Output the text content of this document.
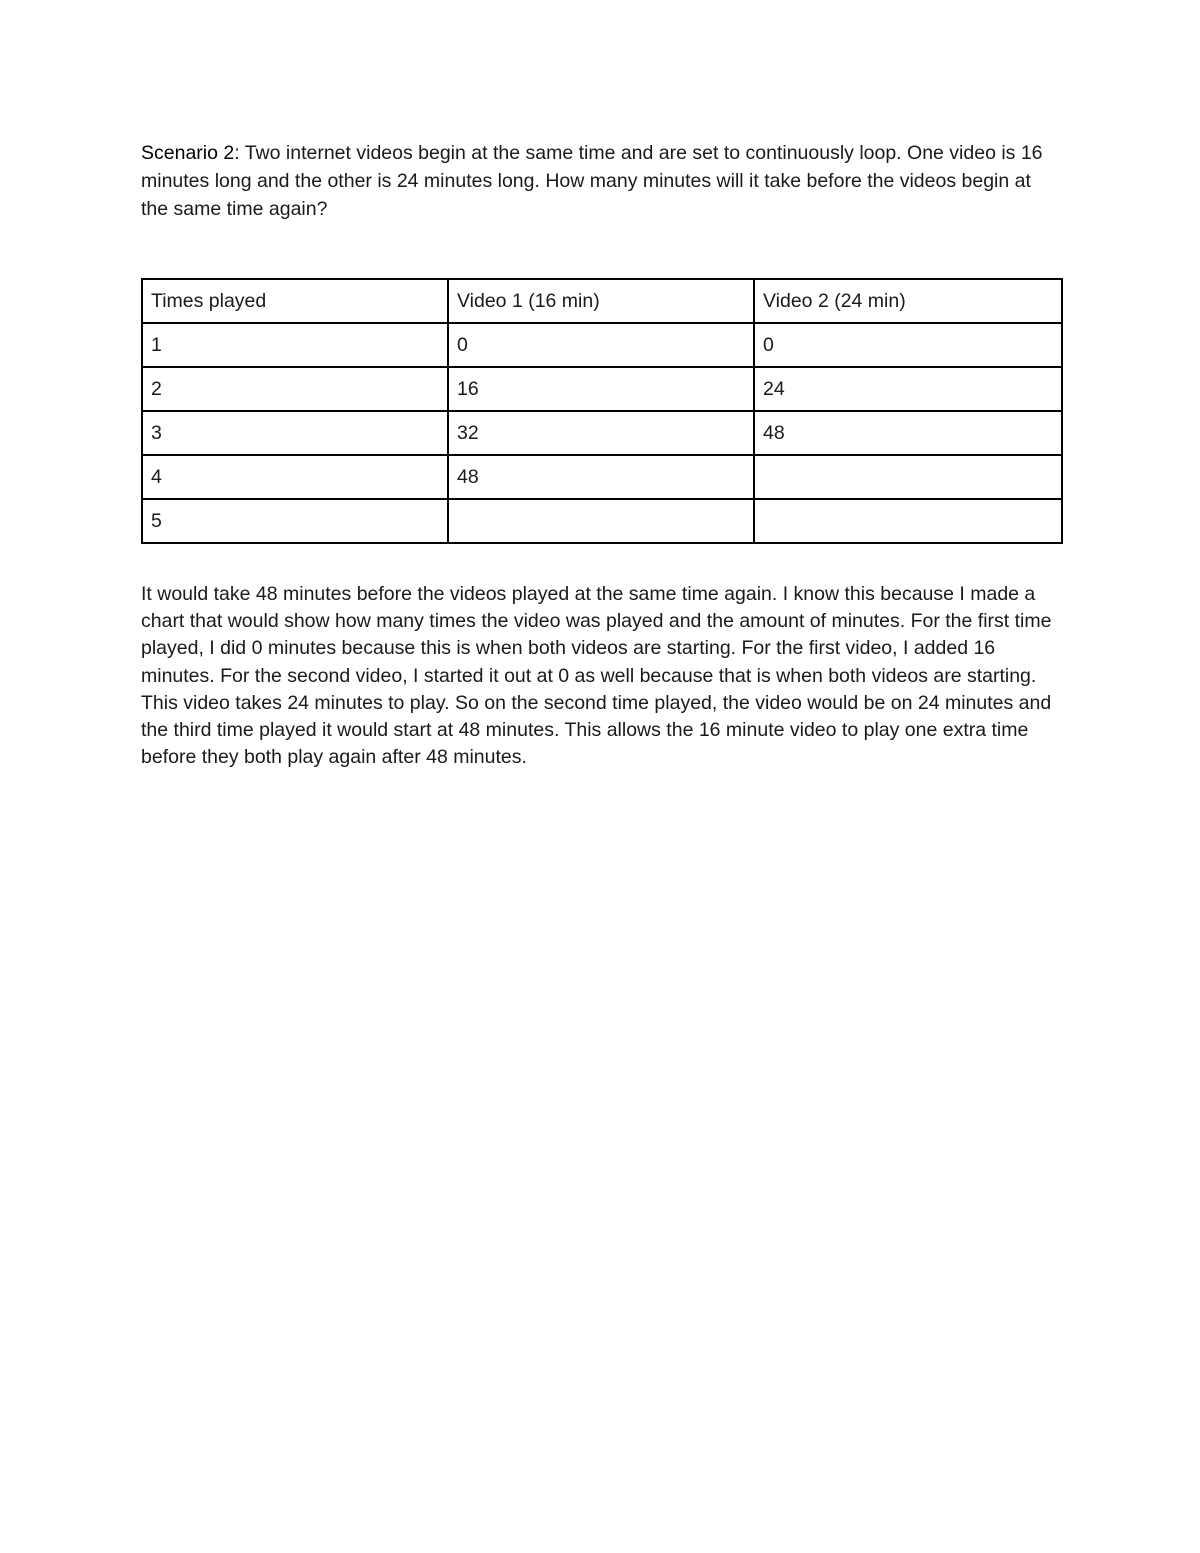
Scenario 2: Two internet videos begin at the same time and are set to continuously loop. One video is 16 minutes long and the other is 24 minutes long. How many minutes will it take before the videos begin at the same time again?

Times played	Video 1 (16 min)	Video 2 (24 min)
1	0	0
2	16	24
3	32	48
4	48	
5		

It would take 48 minutes before the videos played at the same time again. I know this because I made a chart that would show how many times the video was played and the amount of minutes. For the first time played, I did 0 minutes because this is when both videos are starting. For the first video, I added 16 minutes. For the second video, I started it out at 0 as well because that is when both videos are starting. This video takes 24 minutes to play. So on the second time played, the video would be on 24 minutes and the third time played it would start at 48 minutes. This allows the 16 minute video to play one extra time before they both play again after 48 minutes.
